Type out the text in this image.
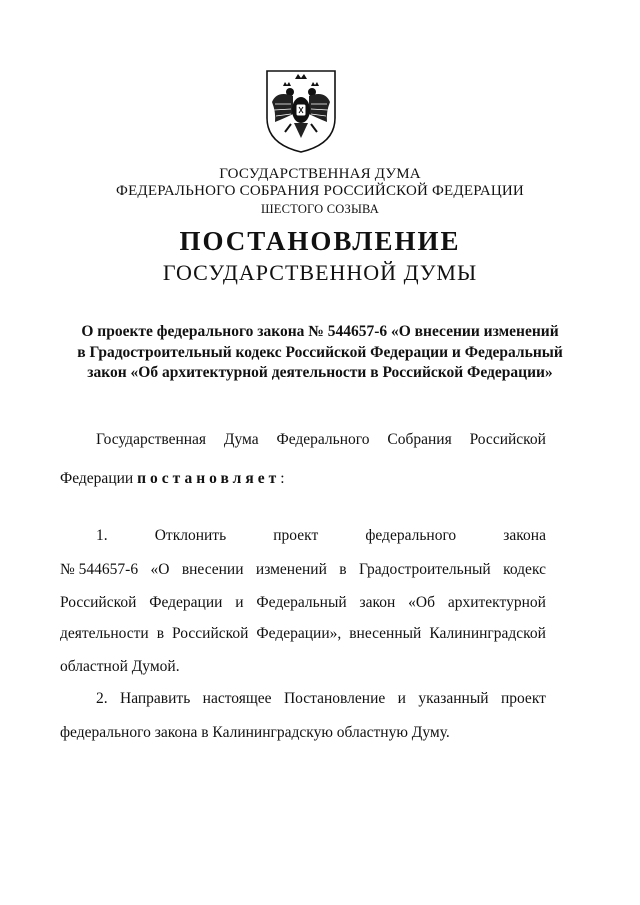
ГОСУДАРСТВЕННАЯ ДУМА
ФЕДЕРАЛЬНОГО СОБРАНИЯ РОССИЙСКОЙ ФЕДЕРАЦИИ
ШЕСТОГО СОЗЫВА
ПОСТАНОВЛЕНИЕ
ГОСУДАРСТВЕННОЙ ДУМЫ
О проекте федерального закона № 544657-6 «О внесении изменений
в Градостроительный кодекс Российской Федерации и Федеральный
закон «Об архитектурной деятельности в Российской Федерации»
Государственная Дума Федерального Собрания Российской
Федерации постановляет:
1.	Отклонить	проект	федерального	закона
№ 544657-6 «О внесении изменений в Градостроительный кодекс
Российской Федерации и Федеральный закон «Об архитектурной
деятельности в Российской Федерации», внесенный Калининградской
областной Думой.
2. Направить настоящее Постановление и указанный проект
федерального закона в Калининградскую областную Думу.
